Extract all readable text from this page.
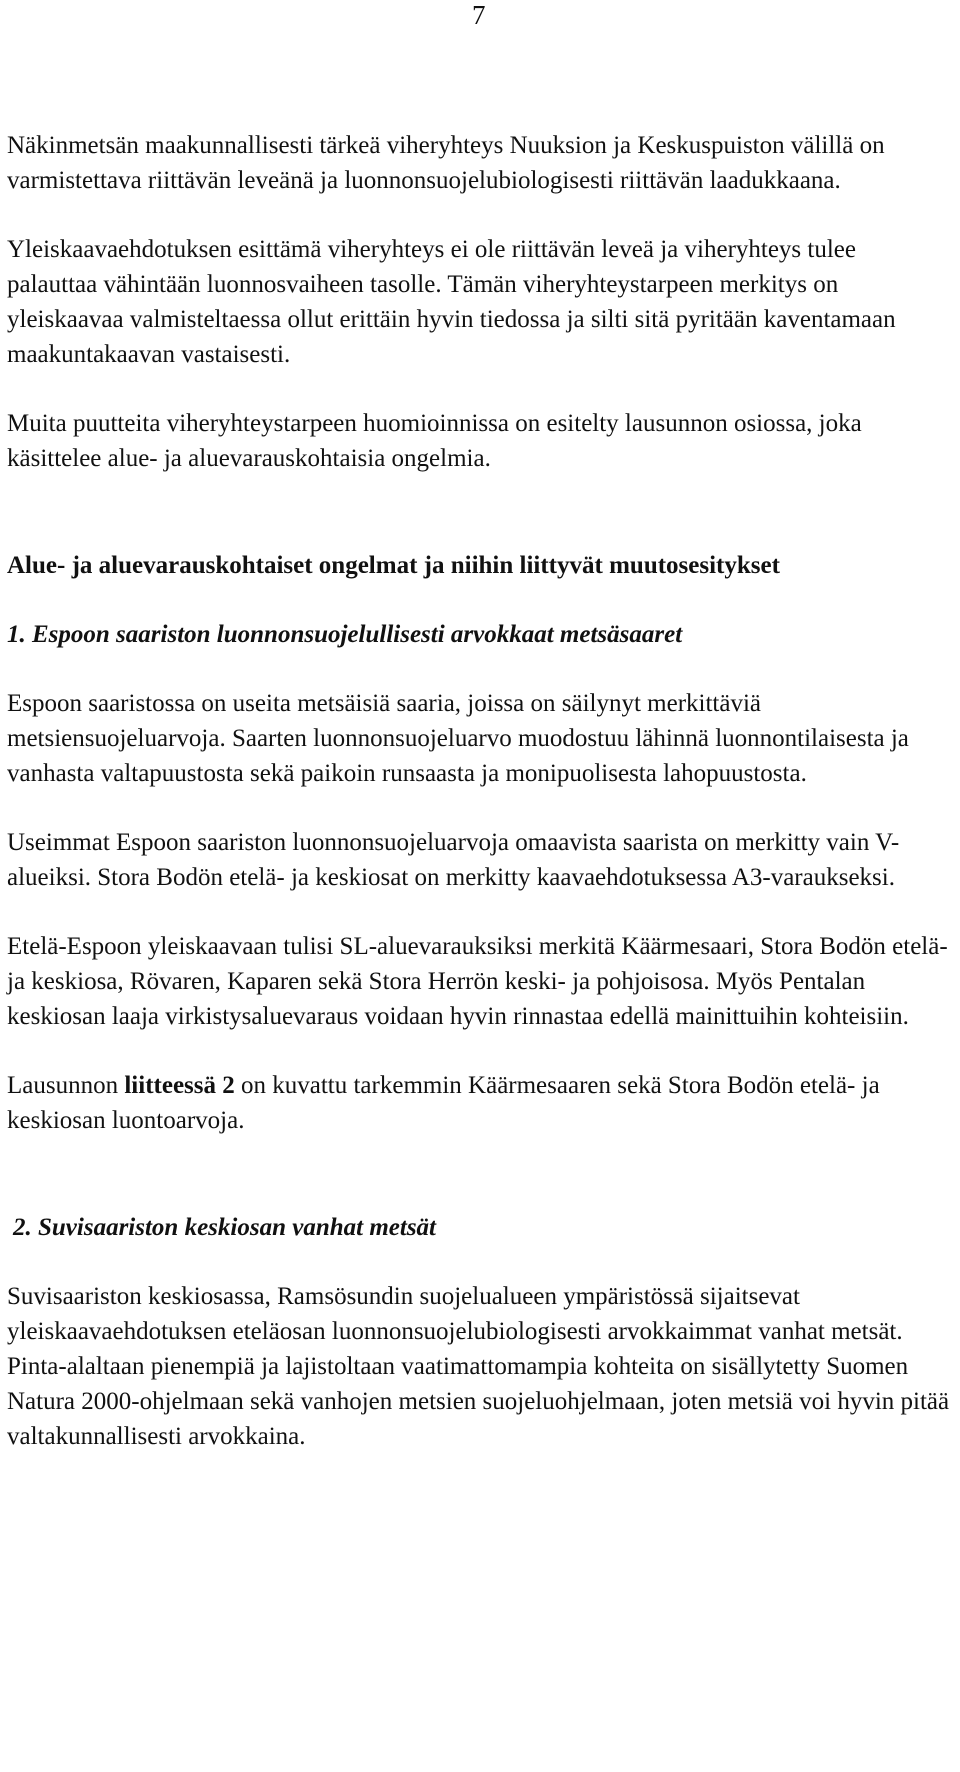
7

Näkinmetsän maakunnallisesti tärkeä viheryhteys Nuuksion ja Keskuspuiston välillä on varmistettava riittävän leveänä ja luonnonsuojelubiologisesti riittävän laadukkaana.

Yleiskaavaehdotuksen esittämä viheryhteys ei ole riittävän leveä ja viheryhteys tulee palauttaa vähintään luonnosvaiheen tasolle. Tämän viheryhteystarpeen merkitys on yleiskaavaa valmisteltaessa ollut erittäin hyvin tiedossa ja silti sitä pyritään kaventamaan maakuntakaavan vastaisesti.

Muita puutteita viheryhteystarpeen huomioinnissa on esitelty lausunnon osiossa, joka käsittelee alue- ja aluevarauskohtaisia ongelmia.

Alue- ja aluevarauskohtaiset ongelmat ja niihin liittyvät muutosesitykset

1. Espoon saariston luonnonsuojelullisesti arvokkaat metsäsaaret

Espoon saaristossa on useita metsäisiä saaria, joissa on säilynyt merkittäviä metsiensuojeluarvoja. Saarten luonnonsuojeluarvo muodostuu lähinnä luonnontilaisesta ja vanhasta valtapuustosta sekä paikoin runsaasta ja monipuolisesta lahopuustosta.

Useimmat Espoon saariston luonnonsuojeluarvoja omaavista saarista on merkitty vain V-alueiksi. Stora Bodön etelä- ja keskiosat on merkitty kaavaehdotuksessa A3-varaukseksi.

Etelä-Espoon yleiskaavaan tulisi SL-aluevarauksiksi merkitä Käärmesaari, Stora Bodön etelä- ja keskiosa, Rövaren, Kaparen sekä Stora Herrön keski- ja pohjoisosa. Myös Pentalan keskiosan laaja virkistysaluevaraus voidaan hyvin rinnastaa edellä mainittuihin kohteisiin.

Lausunnon liitteessä 2 on kuvattu tarkemmin Käärmesaaren sekä Stora Bodön etelä- ja keskiosan luontoarvoja.

2. Suvisaariston keskiosan vanhat metsät

Suvisaariston keskiosassa, Ramsösundin suojelualueen ympäristössä sijaitsevat yleiskaavaehdotuksen eteläosan luonnonsuojelubiologisesti arvokkaimmat vanhat metsät. Pinta-alaltaan pienempiä ja lajistoltaan vaatimattomampia kohteita on sisällytetty Suomen Natura 2000-ohjelmaan sekä vanhojen metsien suojeluohjelmaan, joten metsiä voi hyvin pitää valtakunnallisesti arvokkaina.
